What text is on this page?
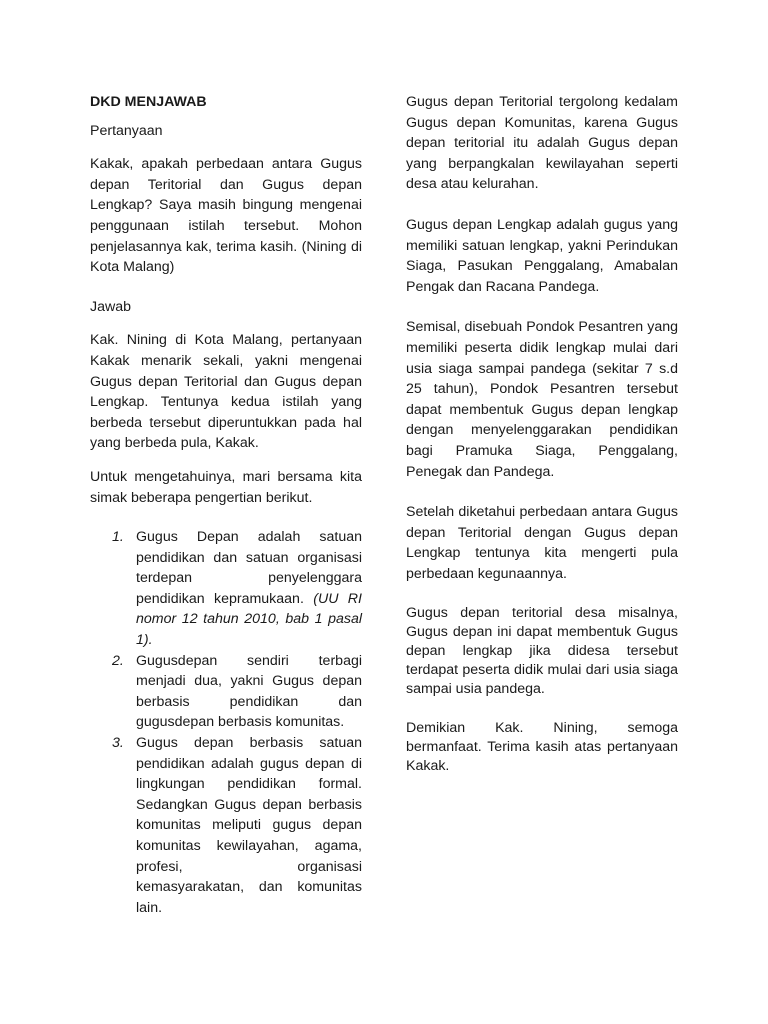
DKD MENJAWAB

Pertanyaan

Kakak, apakah perbedaan antara Gugus depan Teritorial dan Gugus depan Lengkap? Saya masih bingung mengenai penggunaan istilah tersebut. Mohon penjelasannya kak, terima kasih. (Nining di Kota Malang)

Jawab

Kak. Nining di Kota Malang, pertanyaan Kakak menarik sekali, yakni mengenai Gugus depan Teritorial dan Gugus depan Lengkap. Tentunya kedua istilah yang berbeda tersebut diperuntukkan pada hal yang berbeda pula, Kakak.

Untuk mengetahuinya, mari bersama kita simak beberapa pengertian berikut.

1. Gugus Depan adalah satuan pendidikan dan satuan organisasi terdepan penyelenggara pendidikan kepramukaan. (UU RI nomor 12 tahun 2010, bab 1 pasal 1).
2. Gugusdepan sendiri terbagi menjadi dua, yakni Gugus depan berbasis pendidikan dan gugusdepan berbasis komunitas.
3. Gugus depan berbasis satuan pendidikan adalah gugus depan di lingkungan pendidikan formal. Sedangkan Gugus depan berbasis komunitas meliputi gugus depan komunitas kewilayahan, agama, profesi, organisasi kemasyarakatan, dan komunitas lain.

Gugus depan Teritorial tergolong kedalam Gugus depan Komunitas, karena Gugus depan teritorial itu adalah Gugus depan yang berpangkalan kewilayahan seperti desa atau kelurahan.

Gugus depan Lengkap adalah gugus yang memiliki satuan lengkap, yakni Perindukan Siaga, Pasukan Penggalang, Amabalan Pengak dan Racana Pandega.

Semisal, disebuah Pondok Pesantren yang memiliki peserta didik lengkap mulai dari usia siaga sampai pandega (sekitar 7 s.d 25 tahun), Pondok Pesantren tersebut dapat membentuk Gugus depan lengkap dengan menyelenggarakan pendidikan bagi Pramuka Siaga, Penggalang, Penegak dan Pandega.

Setelah diketahui perbedaan antara Gugus depan Teritorial dengan Gugus depan Lengkap tentunya kita mengerti pula perbedaan kegunaannya.

Gugus depan teritorial desa misalnya, Gugus depan ini dapat membentuk Gugus depan lengkap jika didesa tersebut terdapat peserta didik mulai dari usia siaga sampai usia pandega.

Demikian Kak. Nining, semoga bermanfaat. Terima kasih atas pertanyaan Kakak.
